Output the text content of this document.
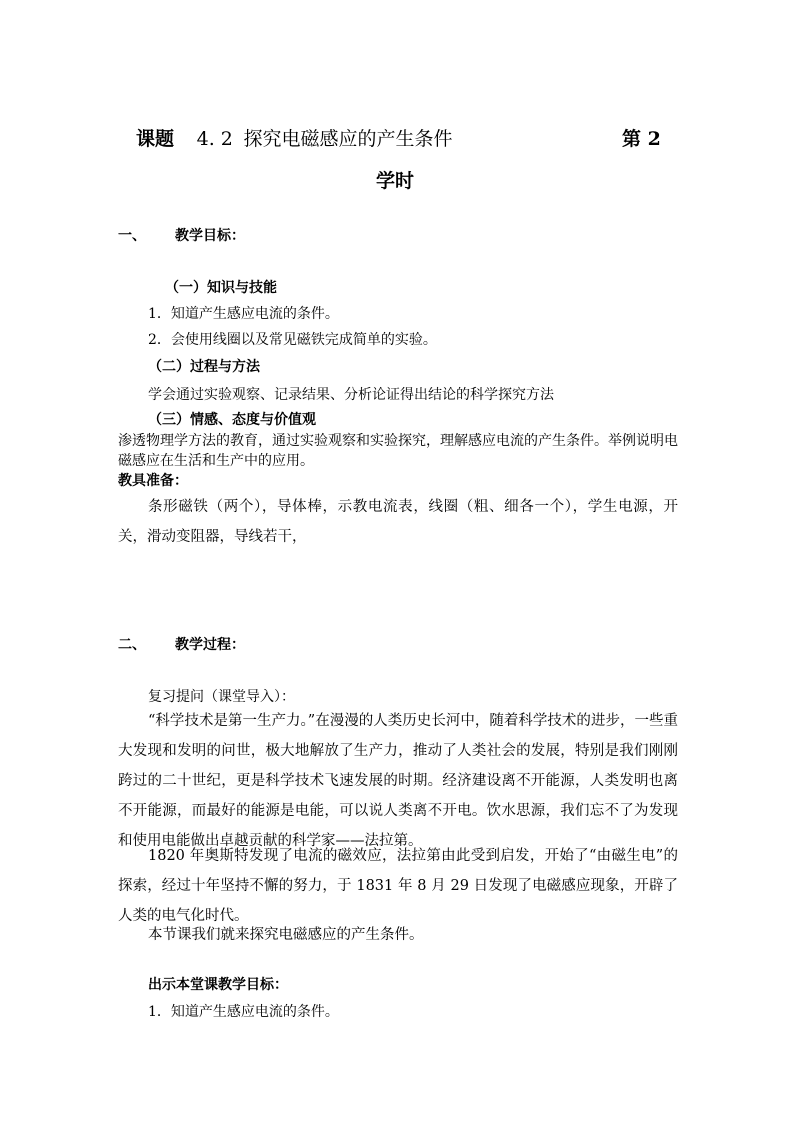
课题 4. 2 探究电磁感应的产生条件	第 2
学时
一、 教学目标：
（一）知识与技能
1．知道产生感应电流的条件。
2．会使用线圈以及常见磁铁完成简单的实验。
（二）过程与方法
学会通过实验观察、记录结果、分析论证得出结论的科学探究方法
（三）情感、态度与价值观
渗透物理学方法的教育，通过实验观察和实验探究，理解感应电流的产生条件。举例说明电
磁感应在生活和生产中的应用。
教具准备：
条形磁铁（两个），导体棒，示教电流表，线圈（粗、细各一个），学生电源，开关，滑动变阻器，导线若干，
二、 教学过程：
复习提问（课堂导入）：
“科学技术是第一生产力。”在漫漫的人类历史长河中，随着科学技术的进步，一些重大发现和发明的问世，极大地解放了生产力，推动了人类社会的发展，特别是我们刚刚跨过的二十世纪，更是科学技术飞速发展的时期。经济建设离不开能源，人类发明也离不开能源，而最好的能源是电能，可以说人类离不开电。饮水思源，我们忘不了为发现和使用电能做出卓越贡献的科学家——法拉第。
1820 年奥斯特发现了电流的磁效应，法拉第由此受到启发，开始了“由磁生电”的探索，经过十年坚持不懈的努力，于 1831 年 8 月 29 日发现了电磁感应现象，开辟了人类的电气化时代。
本节课我们就来探究电磁感应的产生条件。
出示本堂课教学目标：
1．知道产生感应电流的条件。
